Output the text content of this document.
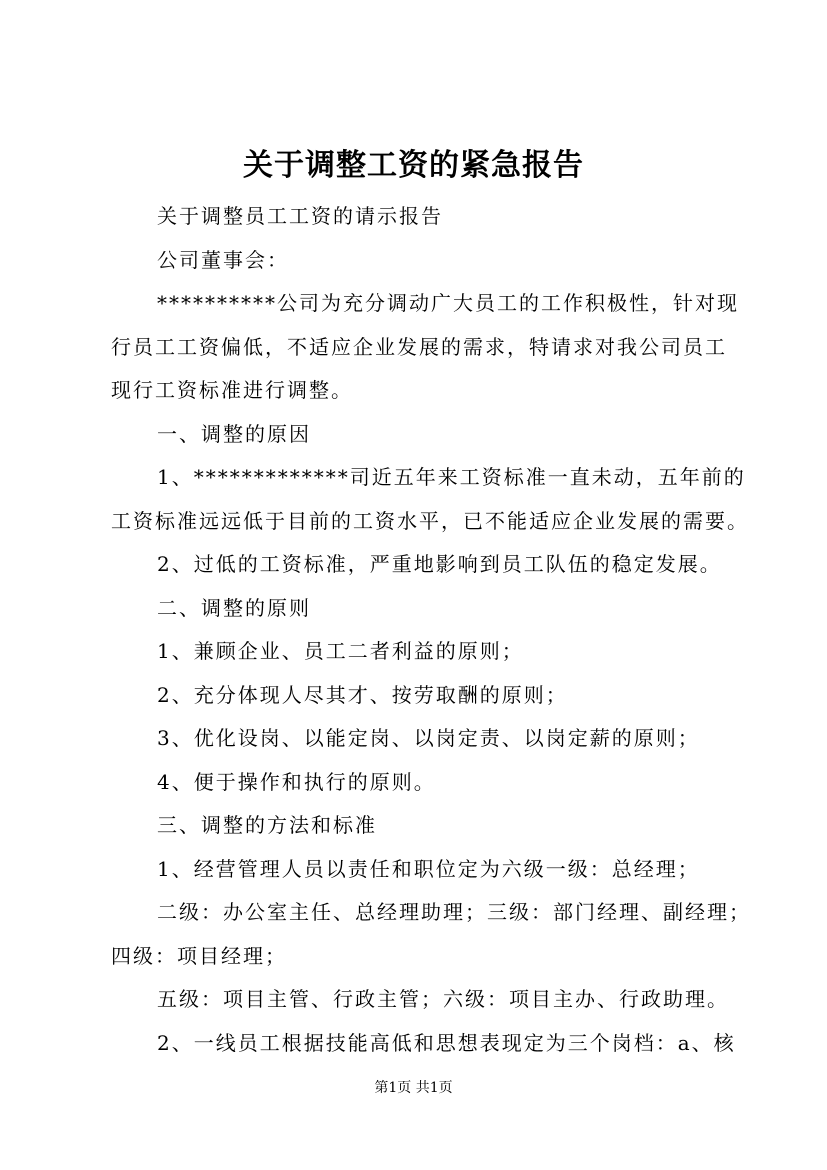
关于调整工资的紧急报告

关于调整员工工资的请示报告

公司董事会：

**********公司为充分调动广大员工的工作积极性，针对现

行员工工资偏低，不适应企业发展的需求，特请求对我公司员工

现行工资标准进行调整。

一、调整的原因

1、*************司近五年来工资标准一直未动，五年前的

工资标准远远低于目前的工资水平，已不能适应企业发展的需要。

2、过低的工资标准，严重地影响到员工队伍的稳定发展。

二、调整的原则

1、兼顾企业、员工二者利益的原则；

2、充分体现人尽其才、按劳取酬的原则；

3、优化设岗、以能定岗、以岗定责、以岗定薪的原则；

4、便于操作和执行的原则。

三、调整的方法和标准

1、经营管理人员以责任和职位定为六级一级：总经理；

二级：办公室主任、总经理助理；三级：部门经理、副经理；

四级：项目经理；

五级：项目主管、行政主管；六级：项目主办、行政助理。

2、一线员工根据技能高低和思想表现定为三个岗档：a、核

第1页 共1页
